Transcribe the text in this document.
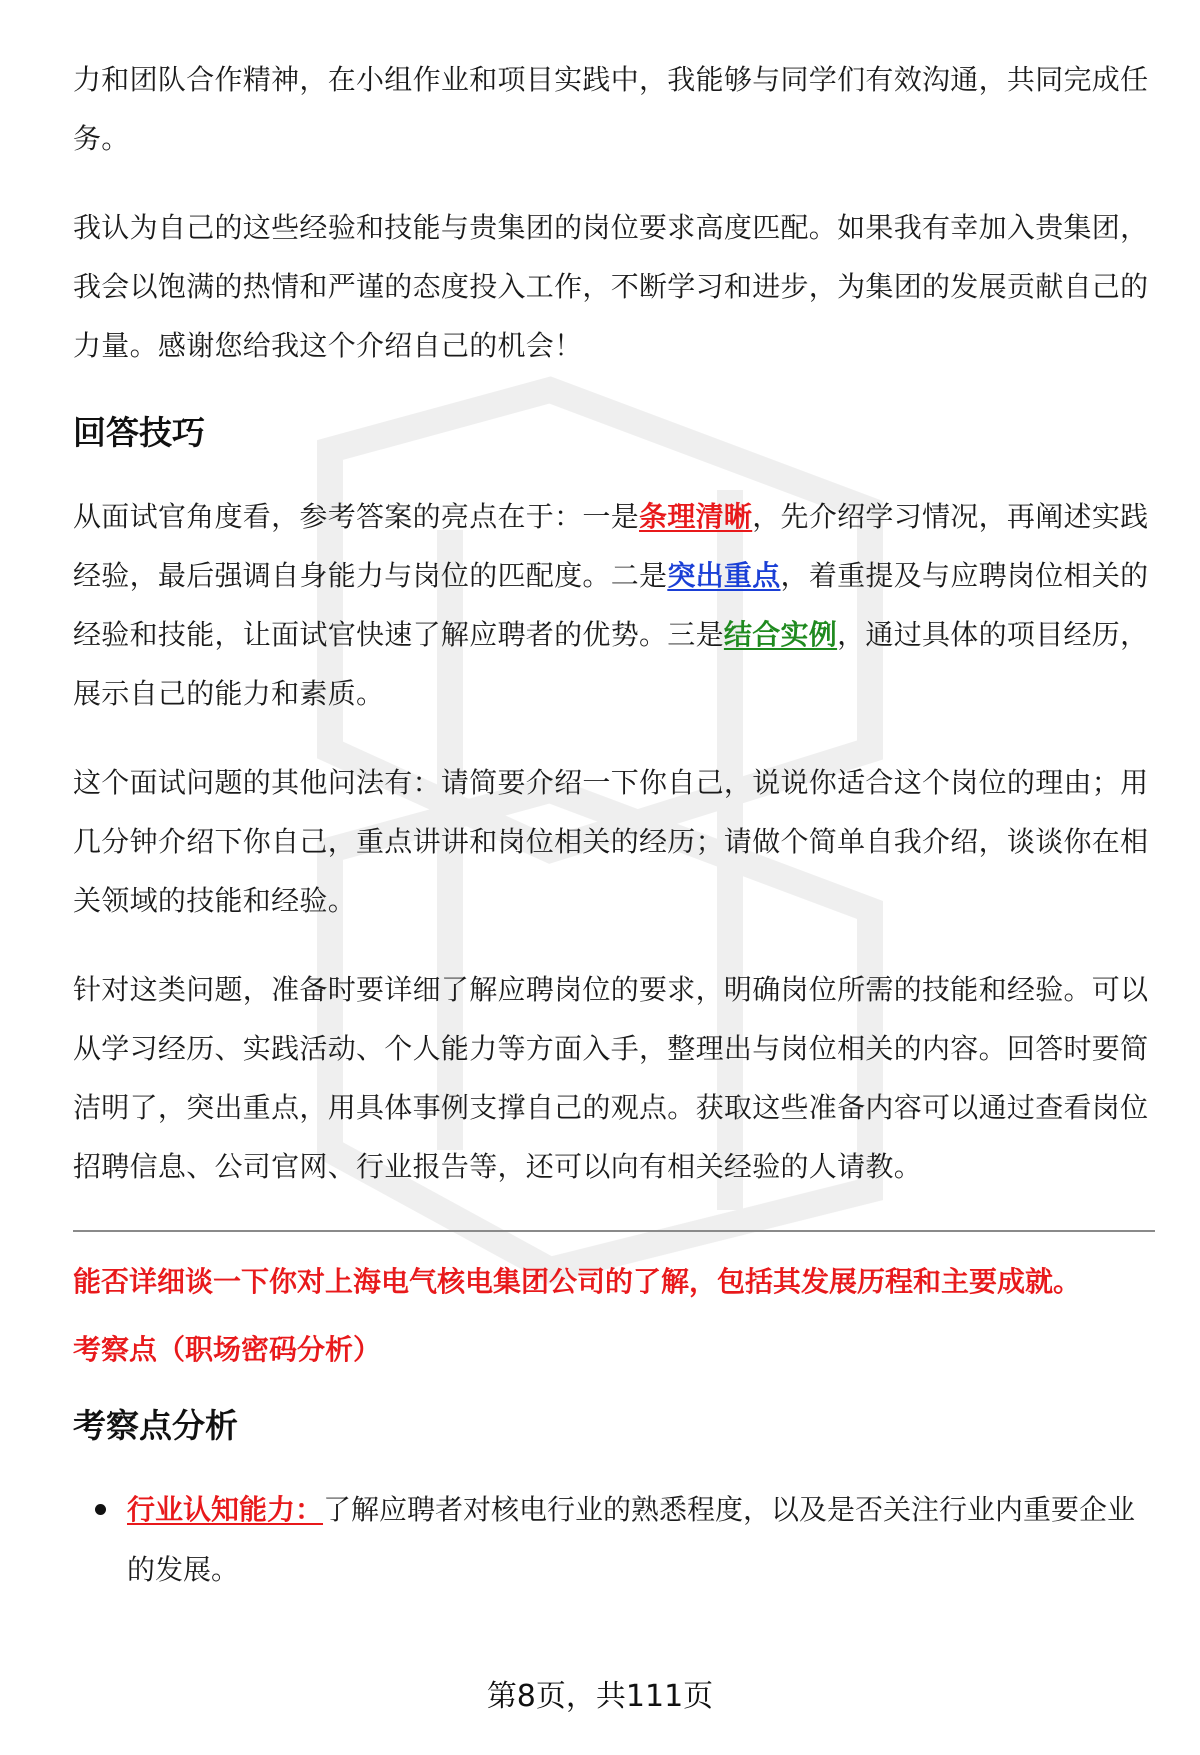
力和团队合作精神，在小组作业和项目实践中，我能够与同学们有效沟通，共同完成任务。

我认为自己的这些经验和技能与贵集团的岗位要求高度匹配。如果我有幸加入贵集团，我会以饱满的热情和严谨的态度投入工作，不断学习和进步，为集团的发展贡献自己的力量。感谢您给我这个介绍自己的机会！

回答技巧

从面试官角度看，参考答案的亮点在于：一是条理清晰，先介绍学习情况，再阐述实践经验，最后强调自身能力与岗位的匹配度。二是突出重点，着重提及与应聘岗位相关的经验和技能，让面试官快速了解应聘者的优势。三是结合实例，通过具体的项目经历，展示自己的能力和素质。

这个面试问题的其他问法有：请简要介绍一下你自己，说说你适合这个岗位的理由；用几分钟介绍下你自己，重点讲讲和岗位相关的经历；请做个简单自我介绍，谈谈你在相关领域的技能和经验。

针对这类问题，准备时要详细了解应聘岗位的要求，明确岗位所需的技能和经验。可以从学习经历、实践活动、个人能力等方面入手，整理出与岗位相关的内容。回答时要简洁明了，突出重点，用具体事例支撑自己的观点。获取这些准备内容可以通过查看岗位招聘信息、公司官网、行业报告等，还可以向有相关经验的人请教。

能否详细谈一下你对上海电气核电集团公司的了解，包括其发展历程和主要成就。

考察点（职场密码分析）

考察点分析
行业认知能力：了解应聘者对核电行业的熟悉程度，以及是否关注行业内重要企业的发展。
第8页，共111页
